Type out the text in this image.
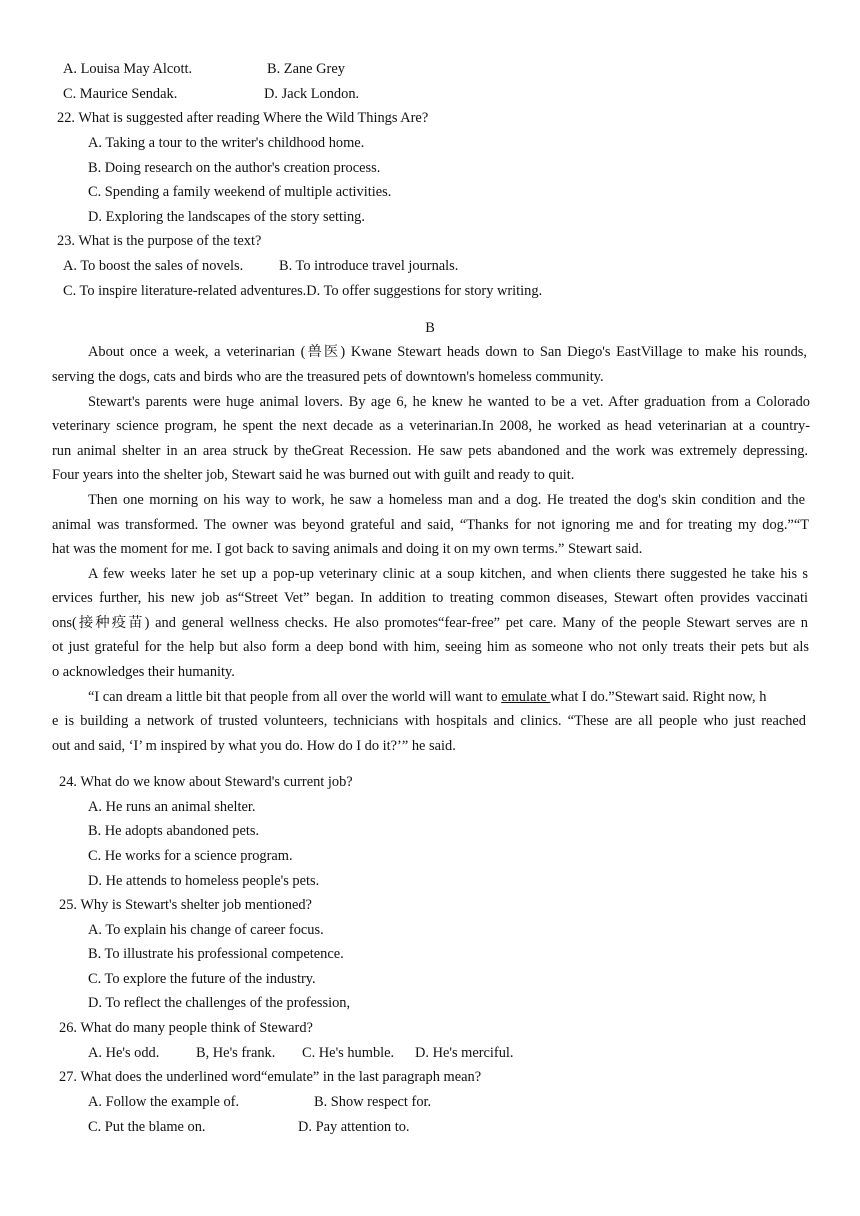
A. Louisa May Alcott.	B. Zane Grey
C. Maurice Sendak.	D. Jack London.
22. What is suggested after reading Where the Wild Things Are?
A. Taking a tour to the writer's childhood home.
B. Doing research on the author's creation process.
C. Spending a family weekend of multiple activities.
D. Exploring the landscapes of the story setting.
23. What is the purpose of the text?
A. To boost the sales of novels. B. To introduce travel journals.
C. To inspire literature-related adventures.D. To offer suggestions for story writing.
B
About once a week, a veterinarian (兽医) Kwane Stewart heads down to San Diego's EastVillage to make his rounds,
serving the dogs, cats and birds who are the treasured pets of downtown's homeless community.
Stewart's parents were huge animal lovers. By age 6, he knew he wanted to be a vet. After graduation from a Colorado
veterinary science program, he spent the next decade as a veterinarian.In 2008, he worked as head veterinarian at a country-
run animal shelter in an area struck by theGreat Recession. He saw pets abandoned and the work was extremely depressing.
Four years into the shelter job, Stewart said he was burned out with guilt and ready to quit.
Then one morning on his way to work, he saw a homeless man and a dog. He treated the dog's skin condition and the
animal was transformed. The owner was beyond grateful and said, “Thanks for not ignoring me and for treating my dog.”“T
hat was the moment for me. I got back to saving animals and doing it on my own terms.” Stewart said.
A few weeks later he set up a pop-up veterinary clinic at a soup kitchen, and when clients there suggested he take his s
ervices further, his new job as“Street Vet” began. In addition to treating common diseases, Stewart often provides vaccinati
ons(接种疫苗) and general wellness checks. He also promotes“fear-free” pet care. Many of the people Stewart serves are n
ot just grateful for the help but also form a deep bond with him, seeing him as someone who not only treats their pets but als
o acknowledges their humanity.
“I can dream a little bit that people from all over the world will want to emulate what I do.”Stewart said. Right now, h
e is building a network of trusted volunteers, technicians with hospitals and clinics. “These are all people who just reached
out and said, ‘I’ m inspired by what you do. How do I do it?’” he said.
24. What do we know about Steward's current job?
A. He runs an animal shelter.
B. He adopts abandoned pets.
C. He works for a science program.
D. He attends to homeless people's pets.
25. Why is Stewart's shelter job mentioned?
A. To explain his change of career focus.
B. To illustrate his professional competence.
C. To explore the future of the industry.
D. To reflect the challenges of the profession,
26. What do many people think of Steward?
A. He's odd.	B, He's frank. C. He's humble. D. He's merciful.
27. What does the underlined word“emulate” in the last paragraph mean?
A. Follow the example of.	B. Show respect for.
C. Put the blame on.	D. Pay attention to.
